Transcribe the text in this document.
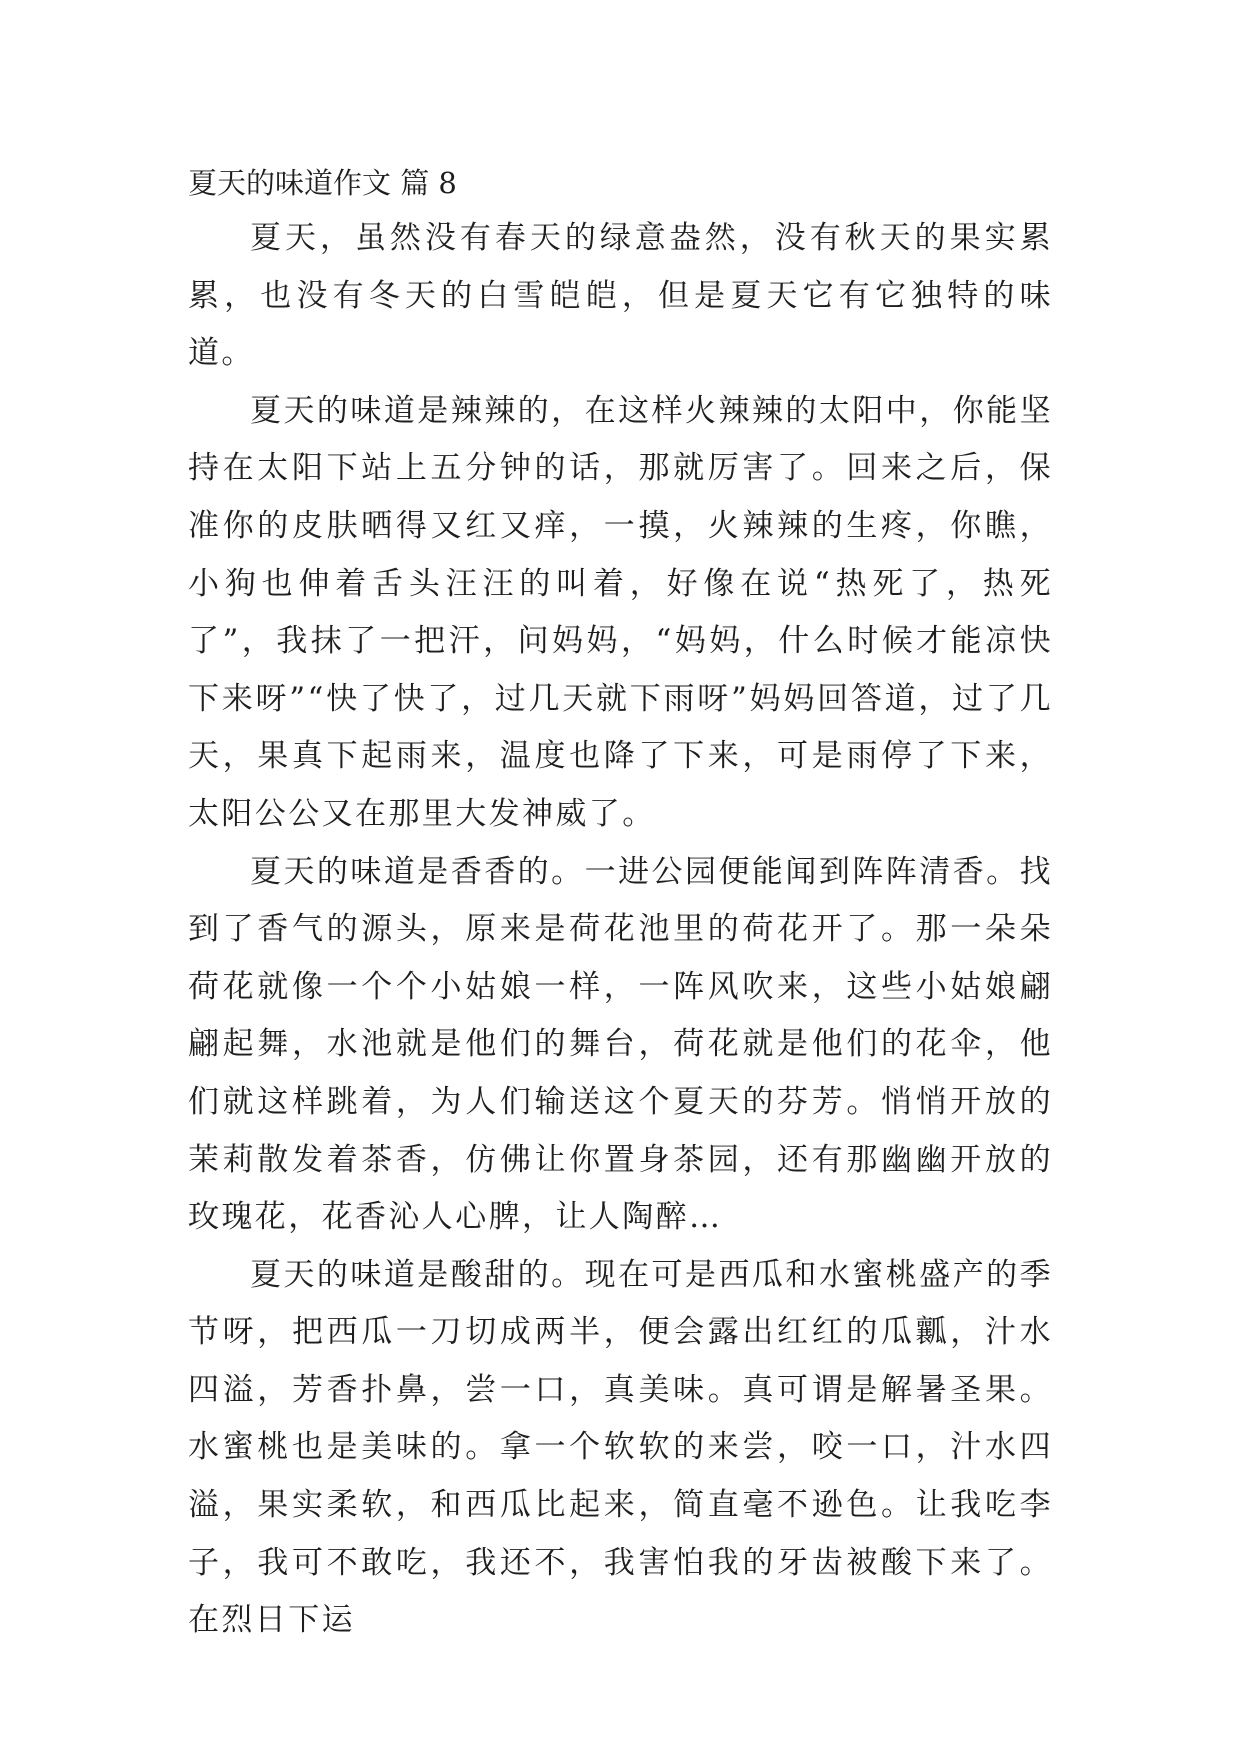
夏天的味道作文 篇 8

夏天，虽然没有春天的绿意盎然，没有秋天的果实累累，也没有冬天的白雪皑皑，但是夏天它有它独特的味道。

夏天的味道是辣辣的，在这样火辣辣的太阳中，你能坚持在太阳下站上五分钟的话，那就厉害了。回来之后，保准你的皮肤晒得又红又痒，一摸，火辣辣的生疼，你瞧，小狗也伸着舌头汪汪的叫着，好像在说“热死了，热死了”，我抹了一把汗，问妈妈，“妈妈，什么时候才能凉快下来呀”“快了快了，过几天就下雨呀”妈妈回答道，过了几天，果真下起雨来，温度也降了下来，可是雨停了下来，太阳公公又在那里大发神威了。

夏天的味道是香香的。一进公园便能闻到阵阵清香。找到了香气的源头，原来是荷花池里的荷花开了。那一朵朵荷花就像一个个小姑娘一样，一阵风吹来，这些小姑娘翩翩起舞，水池就是他们的舞台，荷花就是他们的花伞，他们就这样跳着，为人们输送这个夏天的芬芳。悄悄开放的茉莉散发着茶香，仿佛让你置身茶园，还有那幽幽开放的玫瑰花，花香沁人心脾，让人陶醉…

夏天的味道是酸甜的。现在可是西瓜和水蜜桃盛产的季节呀，把西瓜一刀切成两半，便会露出红红的瓜瓤，汁水四溢，芳香扑鼻，尝一口，真美味。真可谓是解暑圣果。水蜜桃也是美味的。拿一个软软的来尝，咬一口，汁水四溢，果实柔软，和西瓜比起来，简直毫不逊色。让我吃李子，我可不敢吃，我还不，我害怕我的牙齿被酸下来了。在烈日下运
